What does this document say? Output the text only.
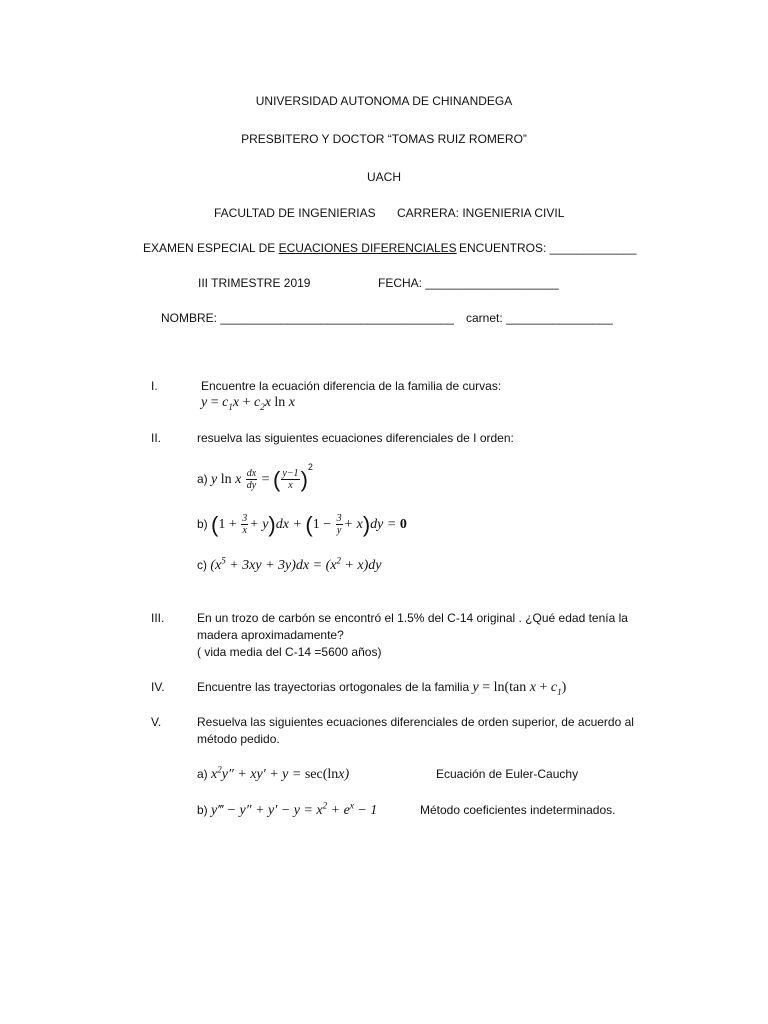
UNIVERSIDAD AUTONOMA DE CHINANDEGA
PRESBITERO Y DOCTOR “TOMAS RUIZ ROMERO”
UACH
FACULTAD DE INGENIERIAS CARRERA: INGENIERIA CIVIL
EXAMEN ESPECIAL DE ECUACIONES DIFERENCIALES ENCUENTROS: _____________
III TRIMESTRE 2019	FECHA: ____________________
NOMBRE: ___________________________________ carnet: ________________
I.	Encuentre la ecuación diferencia de la familia de curvas:
$y = c_1x + c_2x$ ln x
II.	resuelva las siguientes ecuaciones diferenciales de I orden:
a) y ln x $\frac{dx}{dy}$ = ( $\frac{y-1}{x} )^2$
b) $(1 + \frac{3}{x} + y)dx + (1 - \frac{3}{y} + x)dy = 0$
c) $(x^5 + 3xy + 3y)dx = (x^2 + x)dy$
III.	En un trozo de carbón se encontró el 1.5% del C-14 original . ¿Qué edad tenía la
madera aproximadamente?
( vida media del C-14 =5600 años)
IV.	Encuentre las trayectorias ortogonales de la familia y = ln(tan $x + c_1$)
V.	Resuelva las siguientes ecuaciones diferenciales de orden superior, de acuerdo al
método pedido.
a) $x^2y'' + xy' + y = \sec(\ln x)$	Ecuación de Euler-Cauchy
b) y‴ − $y'' + y' - y = x^2 + e^x - 1$	Método coeficientes indeterminados.
